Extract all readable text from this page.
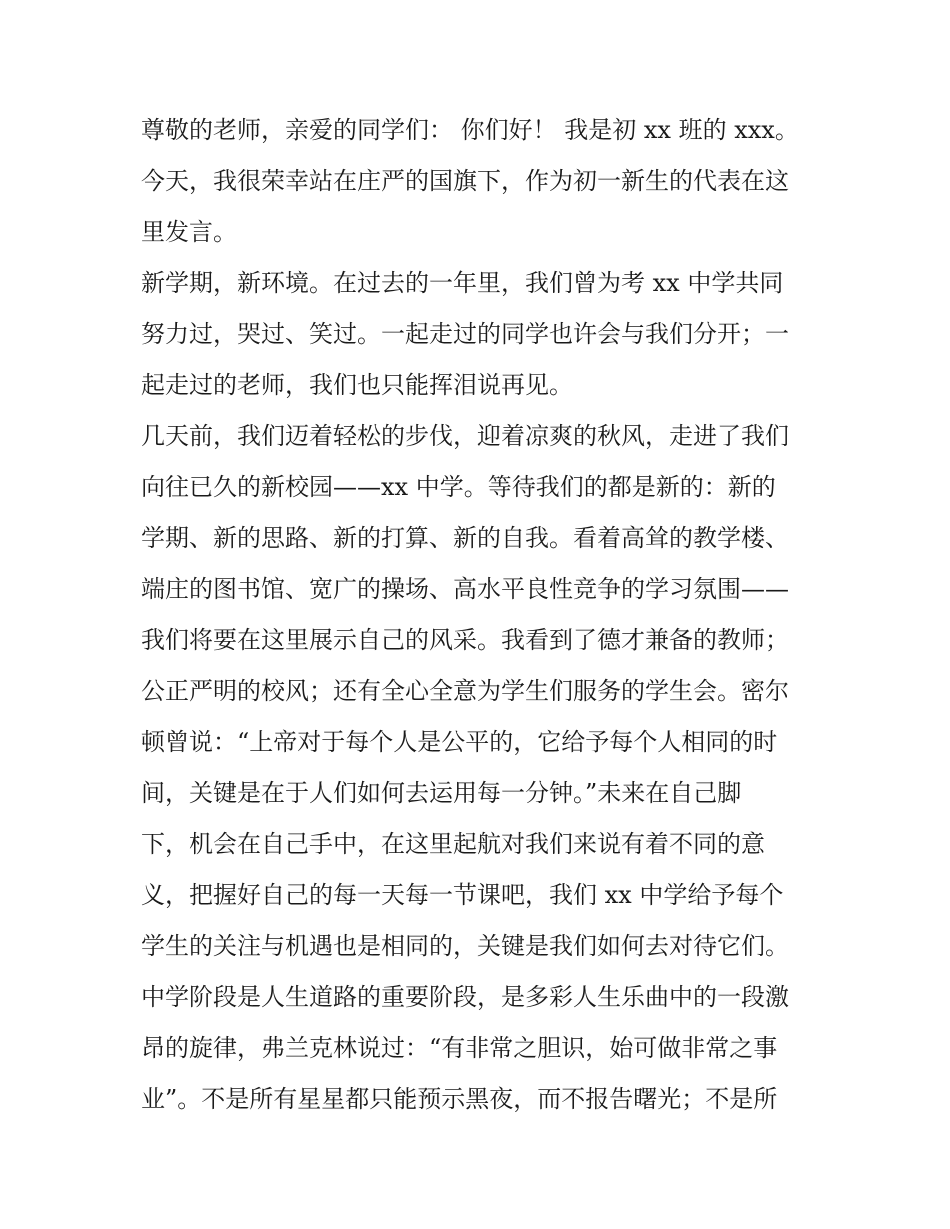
尊敬的老师，亲爱的同学们： 你们好！ 我是初 xx 班的 xxx。
今天，我很荣幸站在庄严的国旗下，作为初一新生的代表在这
里发言。
新学期，新环境。在过去的一年里，我们曾为考 xx 中学共同
努力过，哭过、笑过。一起走过的同学也许会与我们分开；一
起走过的老师，我们也只能挥泪说再见。
几天前，我们迈着轻松的步伐，迎着凉爽的秋风，走进了我们
向往已久的新校园——xx 中学。等待我们的都是新的：新的
学期、新的思路、新的打算、新的自我。看着高耸的教学楼、
端庄的图书馆、宽广的操场、高水平良性竞争的学习氛围——
我们将要在这里展示自己的风采。我看到了德才兼备的教师；
公正严明的校风；还有全心全意为学生们服务的学生会。密尔
顿曾说：“上帝对于每个人是公平的，它给予每个人相同的时
间，关键是在于人们如何去运用每一分钟。”未来在自己脚
下，机会在自己手中，在这里起航对我们来说有着不同的意
义，把握好自己的每一天每一节课吧，我们 xx 中学给予每个
学生的关注与机遇也是相同的，关键是我们如何去对待它们。
中学阶段是人生道路的重要阶段，是多彩人生乐曲中的一段激
昂的旋律，弗兰克林说过：“有非常之胆识，始可做非常之事
业”。不是所有星星都只能预示黑夜，而不报告曙光；不是所
